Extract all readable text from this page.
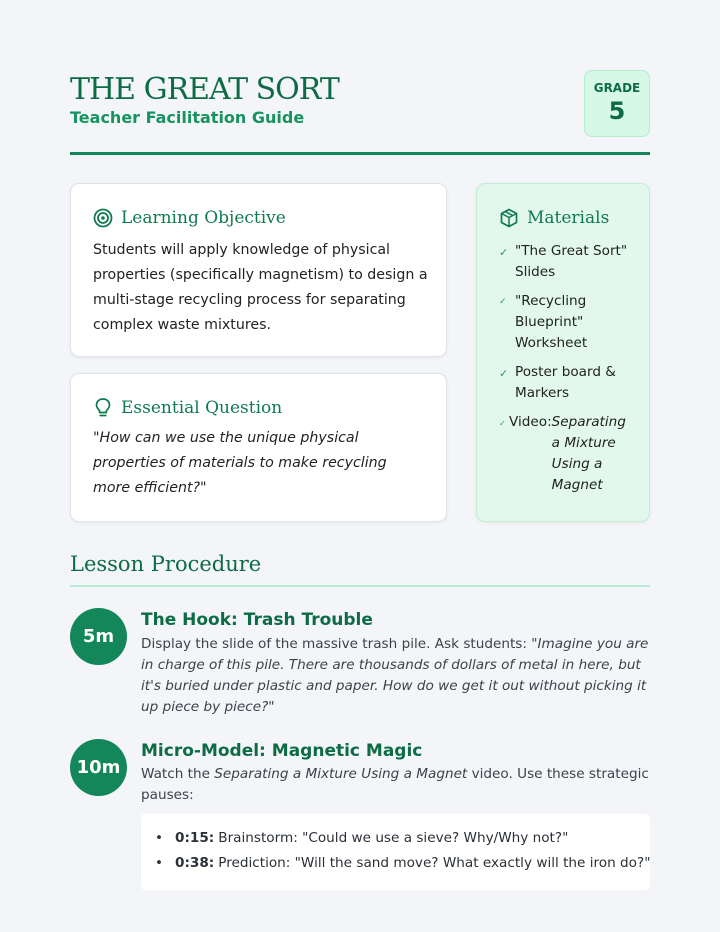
THE GREAT SORT
Teacher Facilitation Guide
GRADE
5
Learning Objective
Students will apply knowledge of physical properties (specifically magnetism) to design a multi-stage recycling process for separating complex waste mixtures.
Essential Question
"How can we use the unique physical properties of materials to make recycling more efficient?"
Materials
✓ "The Great Sort" Slides
✓ "Recycling Blueprint" Worksheet
✓ Poster board & Markers
✓ Video: Separating a Mixture Using a Magnet
Lesson Procedure
5m
The Hook: Trash Trouble
Display the slide of the massive trash pile. Ask students: "Imagine you are in charge of this pile. There are thousands of dollars of metal in here, but it's buried under plastic and paper. How do we get it out without picking it up piece by piece?"
10m
Micro-Model: Magnetic Magic
Watch the Separating a Mixture Using a Magnet video. Use these strategic pauses:
• 0:15: Brainstorm: "Could we use a sieve? Why/Why not?"
• 0:38: Prediction: "Will the sand move? What exactly will the iron do?"
